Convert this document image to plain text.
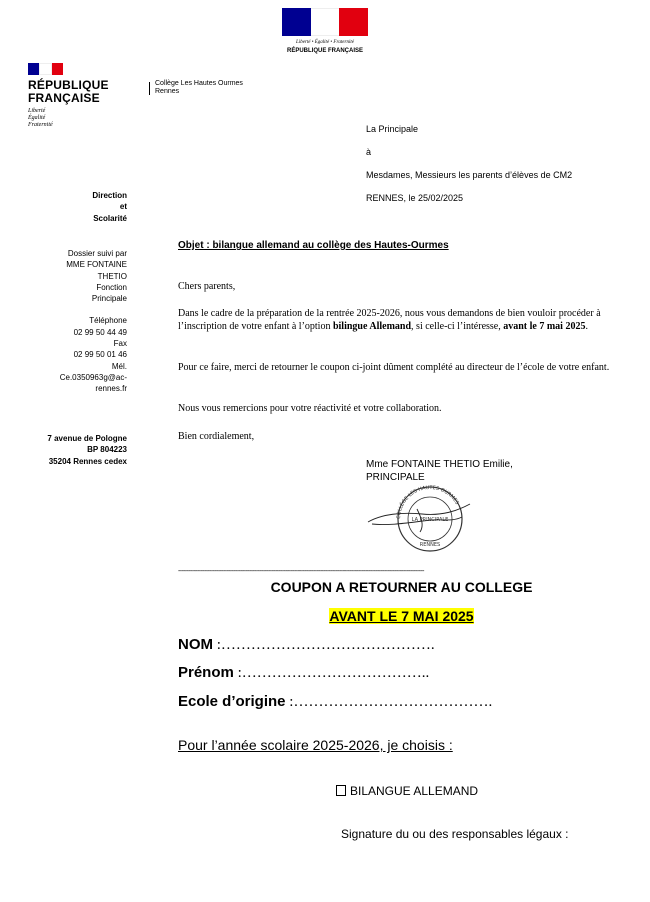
Liberté • Égalité • Fraternité
RÉPUBLIQUE FRANÇAISE
RÉPUBLIQUE
FRANÇAISE
Liberté
Égalité
Fraternité
Collège Les Hautes Ourmes
Rennes
La Principale
à
Mesdames, Messieurs les parents d’élèves de CM2
RENNES, le 25/02/2025
Direction
et
Scolarité
Dossier suivi par
MME FONTAINE
THETIO
Fonction
Principale
Téléphone
02 99 50 44 49
Fax
02 99 50 01 46
Mél.
Ce.0350963g@ac-
rennes.fr
7 avenue de Pologne
BP 804223
35204 Rennes cedex
Objet : bilangue allemand au collège des Hautes-Ourmes
Chers parents,
Dans le cadre de la préparation de la rentrée 2025-2026, nous vous demandons de bien vouloir procéder à l’inscription de votre enfant à l’option bilingue Allemand, si celle-ci l’intéresse, avant le 7 mai 2025.
Pour ce faire, merci de retourner le coupon ci-joint dûment complété au directeur de l’école de votre enfant.
Nous vous remercions pour votre réactivité et votre collaboration.
Bien cordialement,
Mme FONTAINE THETIO Emilie,
PRINCIPALE
COLLÈGE LES HAUTES OURMES
LA PRINCIPALE
RENNES
----------------------------------------------------------------------------------------------------------------------------------------------
COUPON A RETOURNER AU COLLEGE
AVANT LE 7 MAI 2025
NOM :…………………………………….
Prénom :………………………………..
Ecole d’origine :………………………………….
Pour l’année scolaire 2025-2026, je choisis :
BILANGUE ALLEMAND
Signature du ou des responsables légaux :
